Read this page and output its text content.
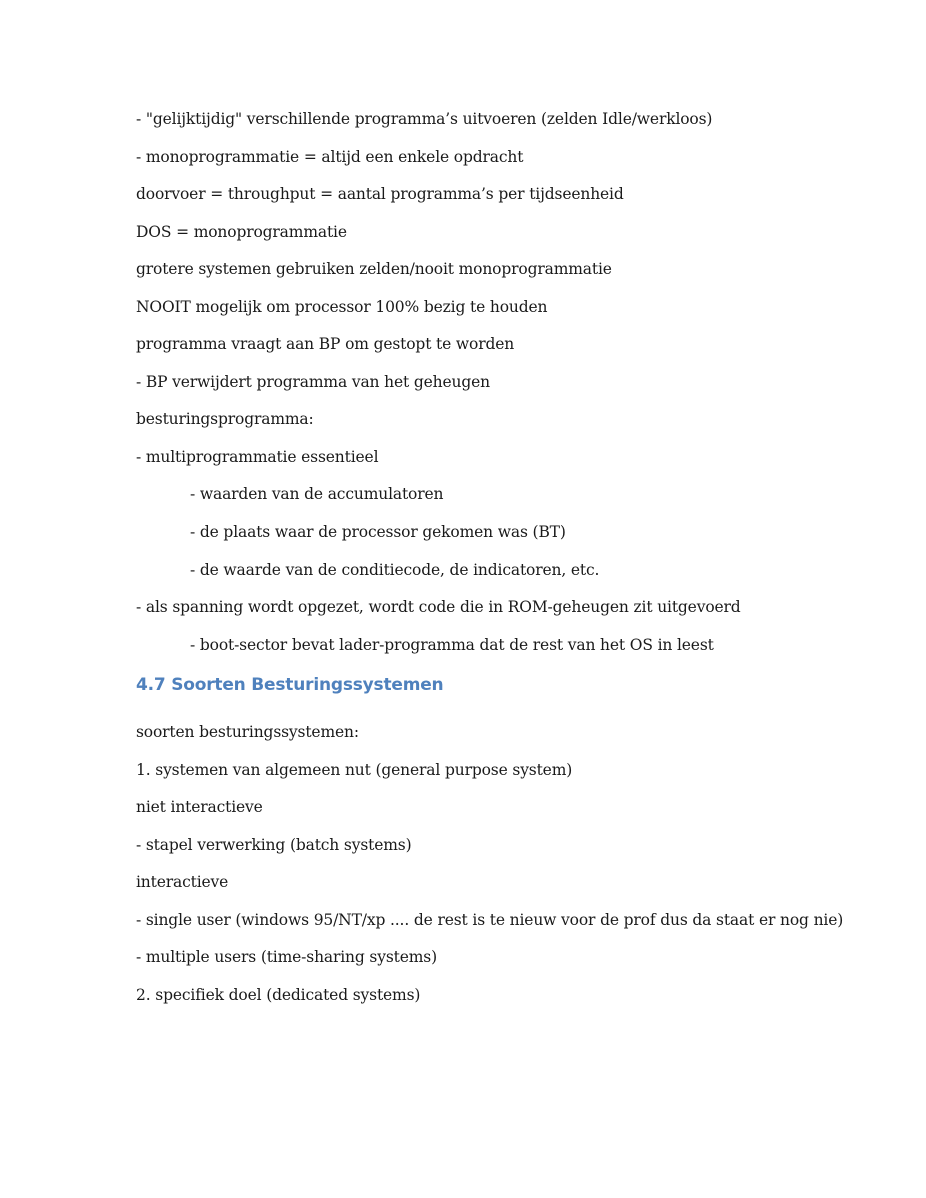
- "gelijktijdig" verschillende programma’s uitvoeren (zelden Idle/werkloos)
- monoprogrammatie = altijd een enkele opdracht
doorvoer = throughput = aantal programma’s per tijdseenheid
DOS = monoprogrammatie
grotere systemen gebruiken zelden/nooit monoprogrammatie
NOOIT mogelijk om processor 100% bezig te houden
programma vraagt aan BP om gestopt te worden
- BP verwijdert programma van het geheugen
besturingsprogramma:
- multiprogrammatie essentieel
- waarden van de accumulatoren
- de plaats waar de processor gekomen was (BT)
- de waarde van de conditiecode, de indicatoren, etc.
- als spanning wordt opgezet, wordt code die in ROM-geheugen zit uitgevoerd
- boot-sector bevat lader-programma dat de rest van het OS in leest
4.7 Soorten Besturingssystemen
soorten besturingssystemen:
1. systemen van algemeen nut (general purpose system)
niet interactieve
- stapel verwerking (batch systems)
interactieve
- single user (windows 95/NT/xp .... de rest is te nieuw voor de prof dus da staat er nog nie)
- multiple users (time-sharing systems)
2. specifiek doel (dedicated systems)
